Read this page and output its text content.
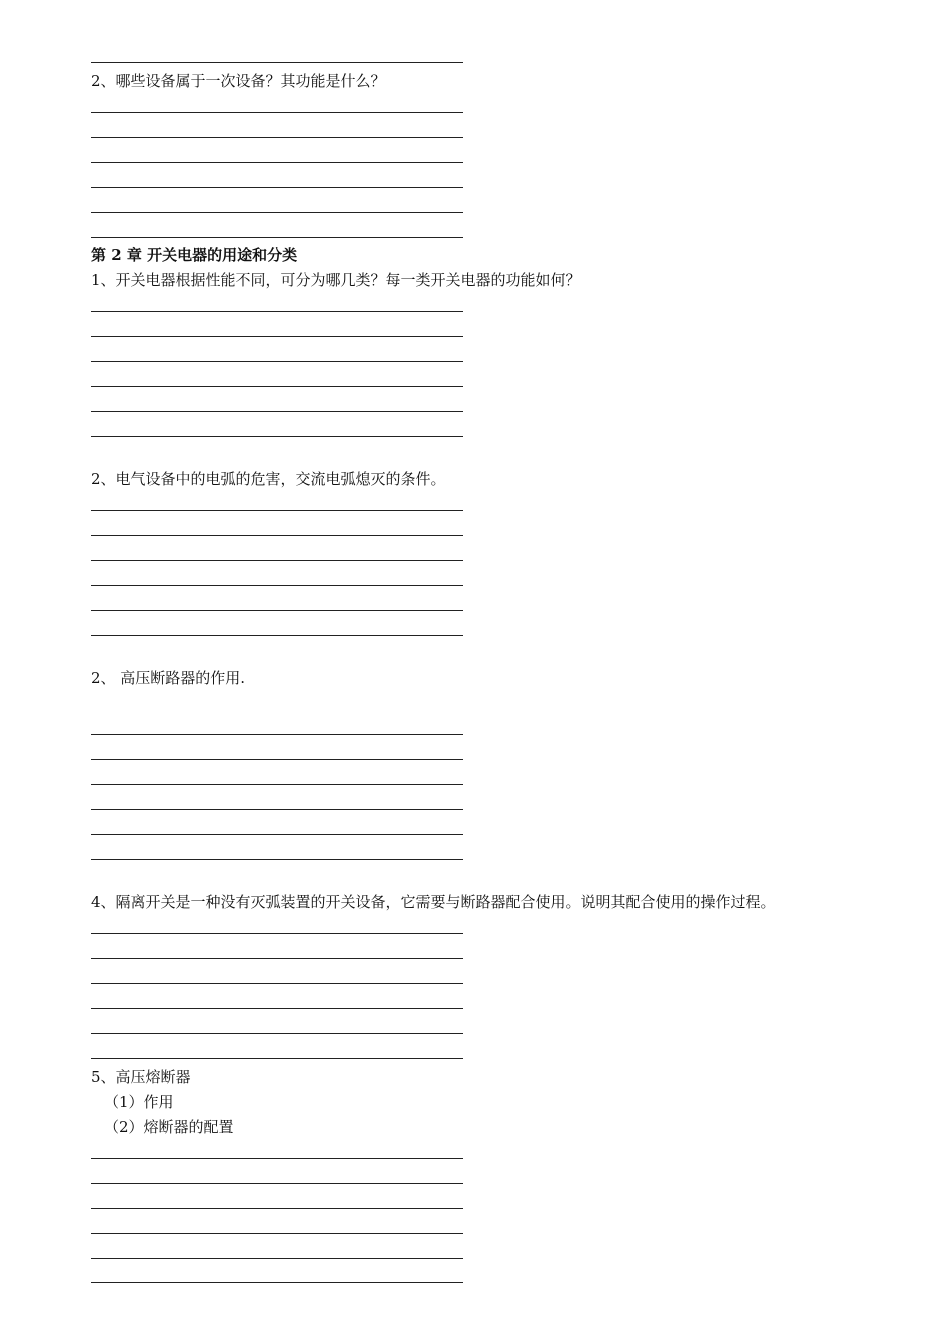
2、哪些设备属于一次设备？其功能是什么？
第 2 章 开关电器的用途和分类
1、开关电器根据性能不同，可分为哪几类？每一类开关电器的功能如何？
2、电气设备中的电弧的危害，交流电弧熄灭的条件。
2、 高压断路器的作用.
4、隔离开关是一种没有灭弧装置的开关设备，它需要与断路器配合使用。说明其配合使用的操作过程。
5、高压熔断器
（1）作用
（2）熔断器的配置
